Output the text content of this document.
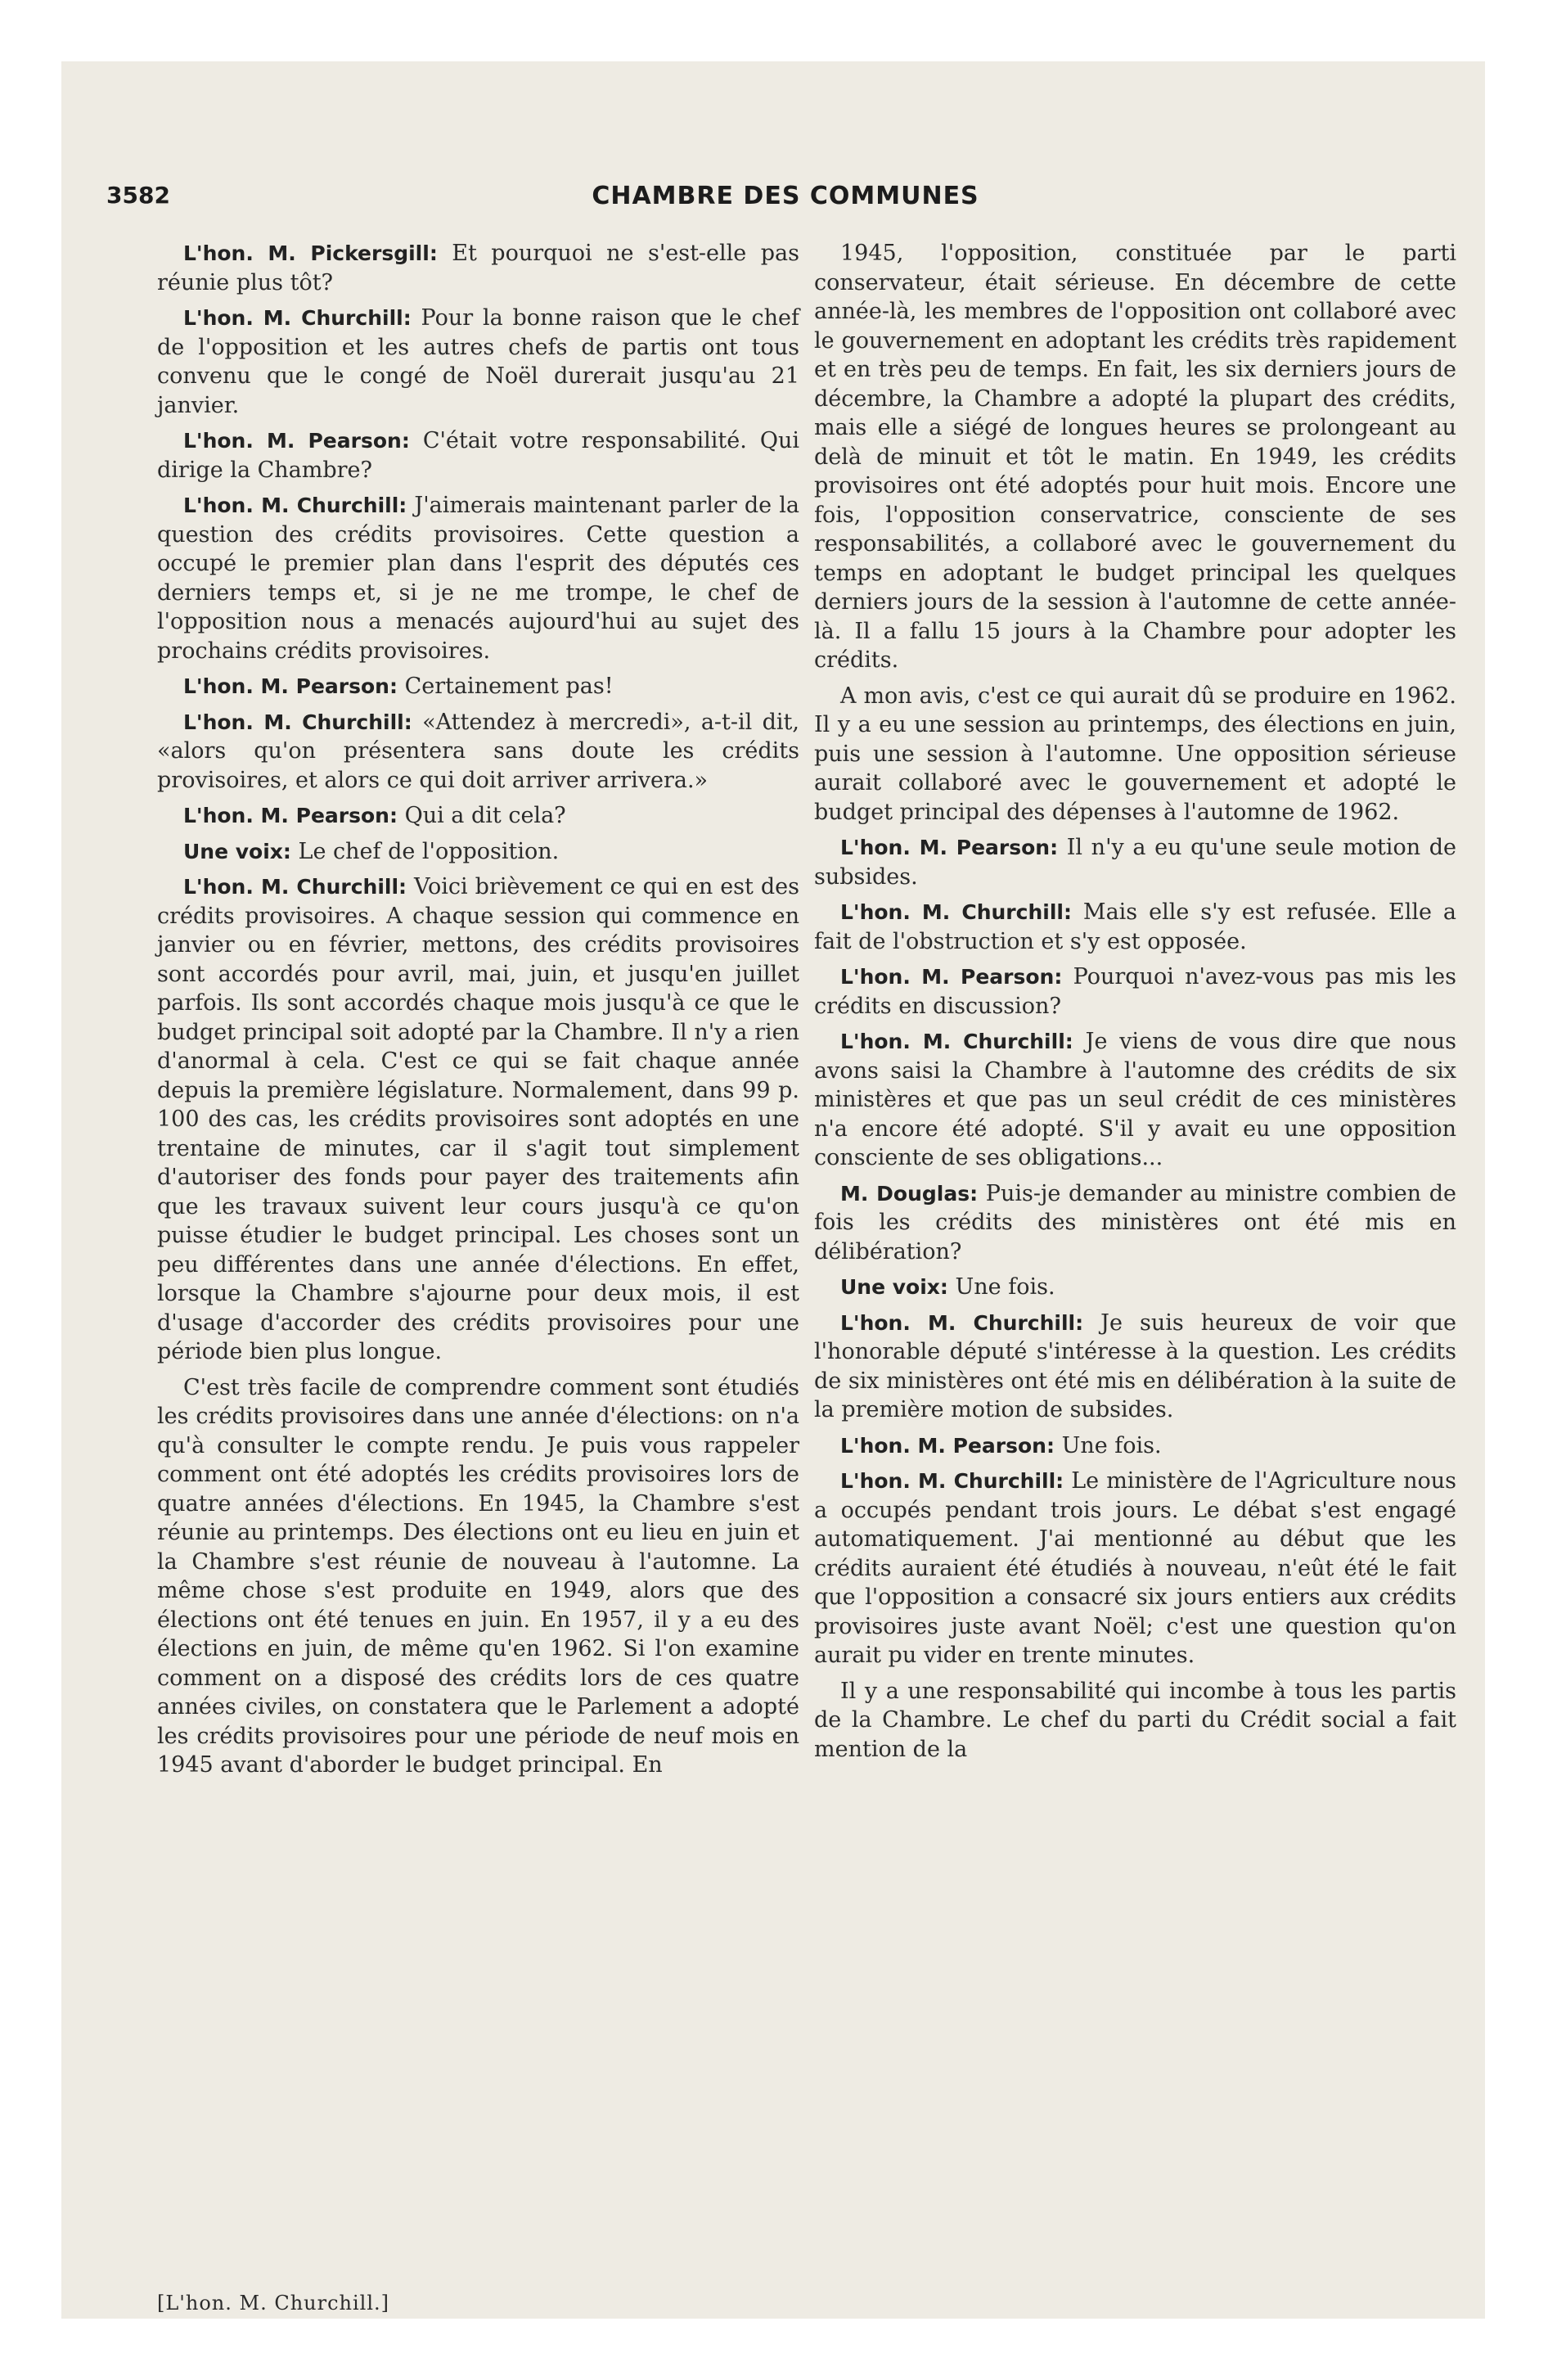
3582	CHAMBRE DES COMMUNES

L'hon. M. Pickersgill: Et pourquoi ne s'est-elle pas réunie plus tôt?

L'hon. M. Churchill: Pour la bonne raison que le chef de l'opposition et les autres chefs de partis ont tous convenu que le congé de Noël durerait jusqu'au 21 janvier.

L'hon. M. Pearson: C'était votre responsabilité. Qui dirige la Chambre?

L'hon. M. Churchill: J'aimerais maintenant parler de la question des crédits provisoires. Cette question a occupé le premier plan dans l'esprit des députés ces derniers temps et, si je ne me trompe, le chef de l'opposition nous a menacés aujourd'hui au sujet des prochains crédits provisoires.

L'hon. M. Pearson: Certainement pas!

L'hon. M. Churchill: «Attendez à mercredi», a-t-il dit, «alors qu'on présentera sans doute les crédits provisoires, et alors ce qui doit arriver arrivera.»

L'hon. M. Pearson: Qui a dit cela?

Une voix: Le chef de l'opposition.

L'hon. M. Churchill: Voici brièvement ce qui en est des crédits provisoires. A chaque session qui commence en janvier ou en février, mettons, des crédits provisoires sont accordés pour avril, mai, juin, et jusqu'en juillet parfois. Ils sont accordés chaque mois jusqu'à ce que le budget principal soit adopté par la Chambre. Il n'y a rien d'anormal à cela. C'est ce qui se fait chaque année depuis la première législature. Normalement, dans 99 p. 100 des cas, les crédits provisoires sont adoptés en une trentaine de minutes, car il s'agit tout simplement d'autoriser des fonds pour payer des traitements afin que les travaux suivent leur cours jusqu'à ce qu'on puisse étudier le budget principal. Les choses sont un peu différentes dans une année d'élections. En effet, lorsque la Chambre s'ajourne pour deux mois, il est d'usage d'accorder des crédits provisoires pour une période bien plus longue.

C'est très facile de comprendre comment sont étudiés les crédits provisoires dans une année d'élections: on n'a qu'à consulter le compte rendu. Je puis vous rappeler comment ont été adoptés les crédits provisoires lors de quatre années d'élections. En 1945, la Chambre s'est réunie au printemps. Des élections ont eu lieu en juin et la Chambre s'est réunie de nouveau à l'automne. La même chose s'est produite en 1949, alors que des élections ont été tenues en juin. En 1957, il y a eu des élections en juin, de même qu'en 1962. Si l'on examine comment on a disposé des crédits lors de ces quatre années civiles, on constatera que le Parlement a adopté les crédits provisoires pour une période de neuf mois en 1945 avant d'aborder le budget principal. En

1945, l'opposition, constituée par le parti conservateur, était sérieuse. En décembre de cette année-là, les membres de l'opposition ont collaboré avec le gouvernement en adoptant les crédits très rapidement et en très peu de temps. En fait, les six derniers jours de décembre, la Chambre a adopté la plupart des crédits, mais elle a siégé de longues heures se prolongeant au delà de minuit et tôt le matin. En 1949, les crédits provisoires ont été adoptés pour huit mois. Encore une fois, l'opposition conservatrice, consciente de ses responsabilités, a collaboré avec le gouvernement du temps en adoptant le budget principal les quelques derniers jours de la session à l'automne de cette année-là. Il a fallu 15 jours à la Chambre pour adopter les crédits.

A mon avis, c'est ce qui aurait dû se produire en 1962. Il y a eu une session au printemps, des élections en juin, puis une session à l'automne. Une opposition sérieuse aurait collaboré avec le gouvernement et adopté le budget principal des dépenses à l'automne de 1962.

L'hon. M. Pearson: Il n'y a eu qu'une seule motion de subsides.

L'hon. M. Churchill: Mais elle s'y est refusée. Elle a fait de l'obstruction et s'y est opposée.

L'hon. M. Pearson: Pourquoi n'avez-vous pas mis les crédits en discussion?

L'hon. M. Churchill: Je viens de vous dire que nous avons saisi la Chambre à l'automne des crédits de six ministères et que pas un seul crédit de ces ministères n'a encore été adopté. S'il y avait eu une opposition consciente de ses obligations...

M. Douglas: Puis-je demander au ministre combien de fois les crédits des ministères ont été mis en délibération?

Une voix: Une fois.

L'hon. M. Churchill: Je suis heureux de voir que l'honorable député s'intéresse à la question. Les crédits de six ministères ont été mis en délibération à la suite de la première motion de subsides.

L'hon. M. Pearson: Une fois.

L'hon. M. Churchill: Le ministère de l'Agriculture nous a occupés pendant trois jours. Le débat s'est engagé automatiquement. J'ai mentionné au début que les crédits auraient été étudiés à nouveau, n'eût été le fait que l'opposition a consacré six jours entiers aux crédits provisoires juste avant Noël; c'est une question qu'on aurait pu vider en trente minutes.

Il y a une responsabilité qui incombe à tous les partis de la Chambre. Le chef du parti du Crédit social a fait mention de la

[L'hon. M. Churchill.]
